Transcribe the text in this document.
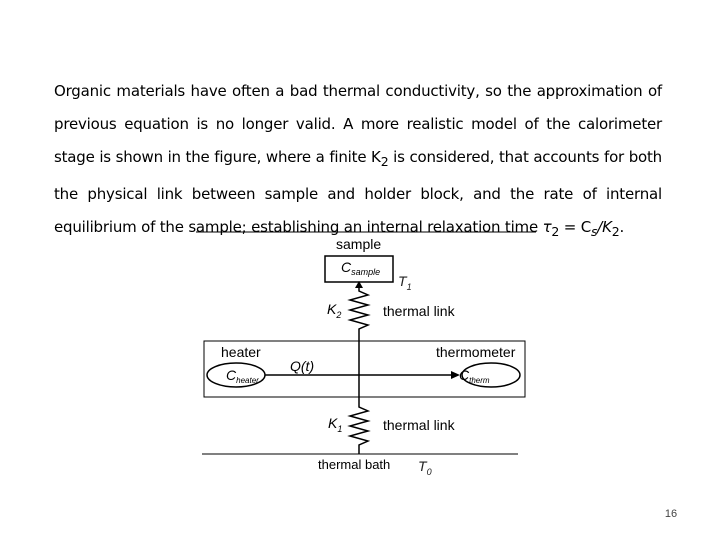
Organic materials have often a bad thermal conductivity, so the approximation of previous equation is no longer valid. A more realistic model of the calorimeter stage is shown in the figure, where a finite $K_2$ is considered, that accounts for both the physical link between sample and holder block, and the rate of internal equilibrium of the sample; establishing an internal relaxation time $\tau_2 = C_s/K_2$.

sample
$C_{sample}$
$T_1$
$K_2$	thermal link
heater	thermometer
Q(t)
$C_{heater}$	$C_{therm}$
$K_1$	thermal link
thermal bath $T_0$
16
